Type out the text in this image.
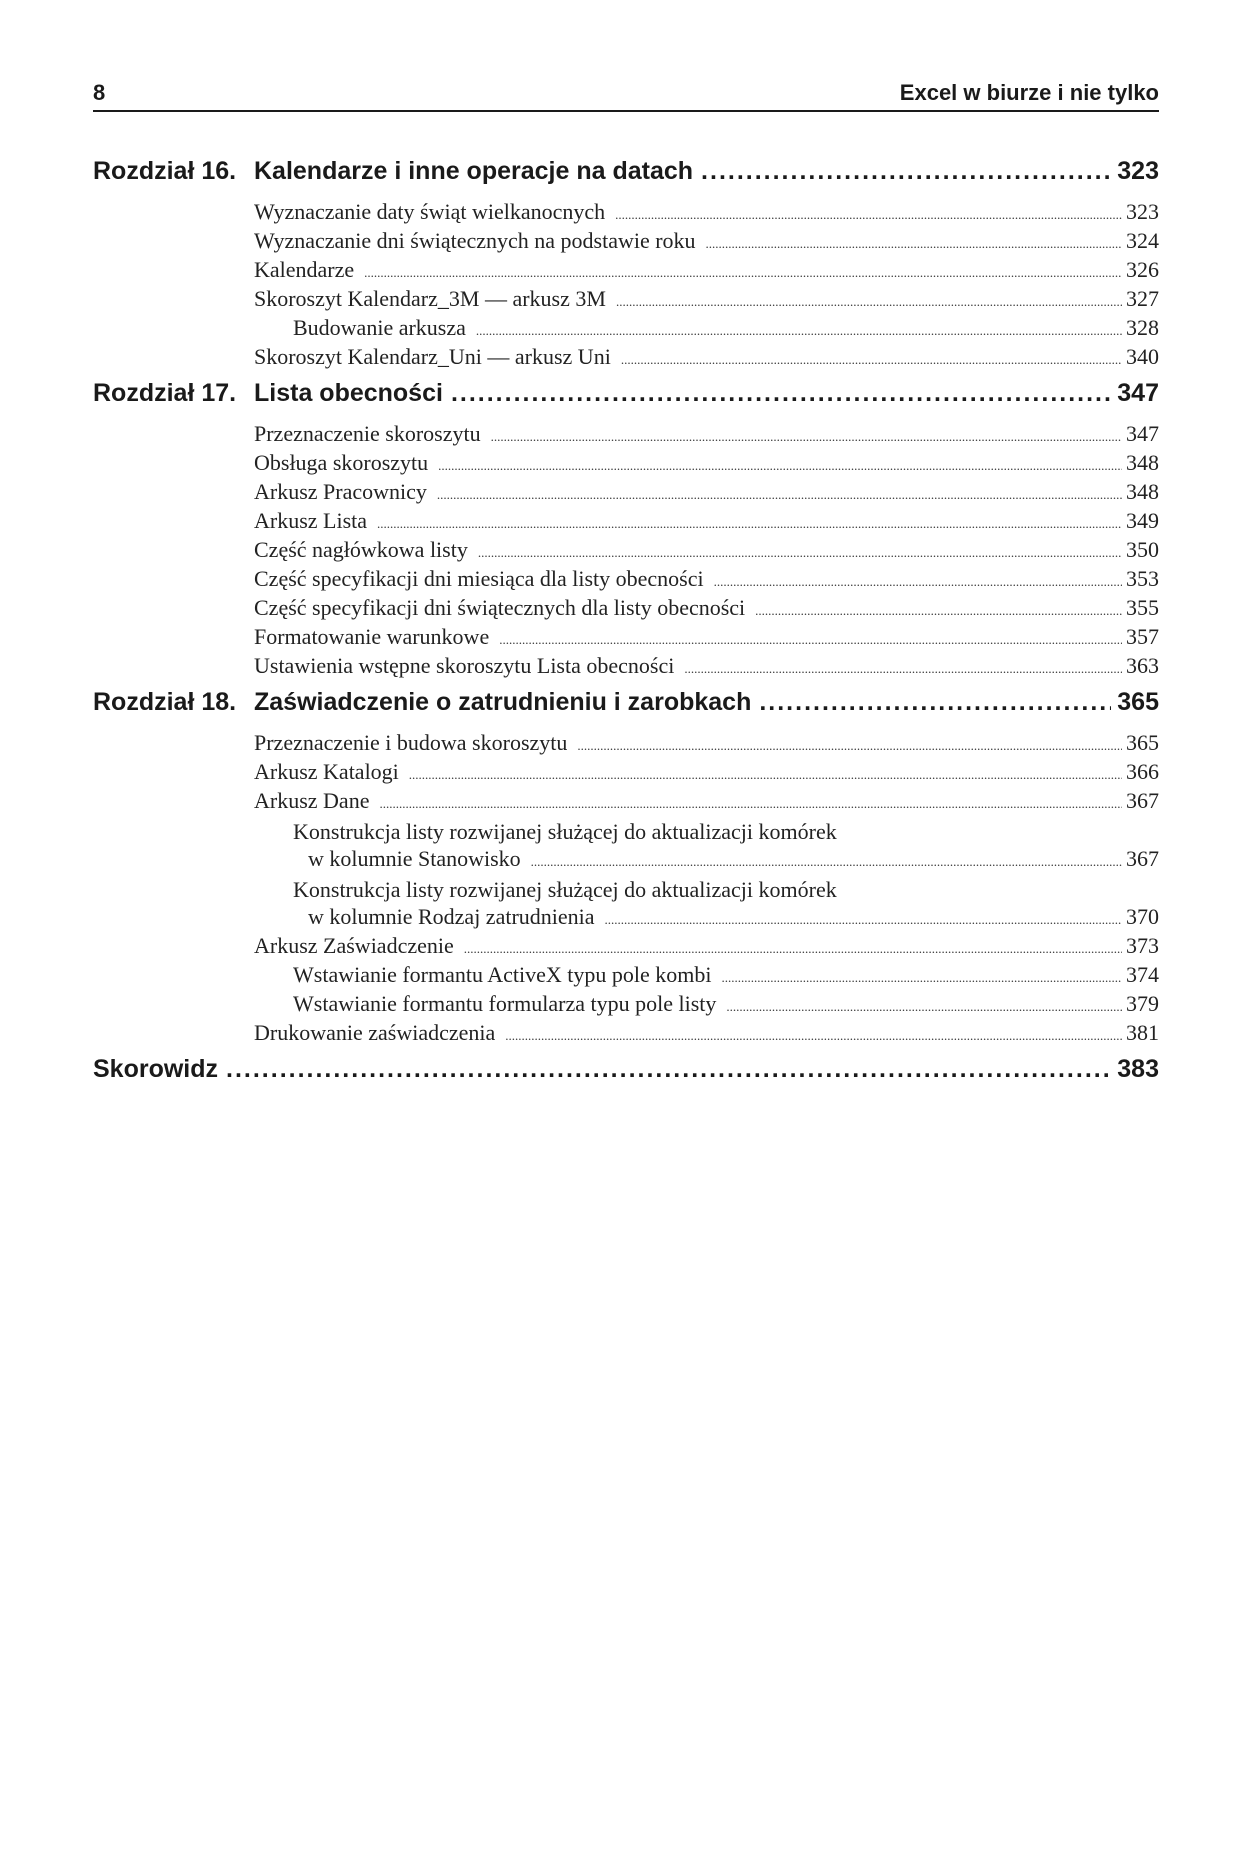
8	Excel w biurze i nie tylko
Rozdział 16. Kalendarze i inne operacje na datach .....	323
Wyznaczanie daty świąt wielkanocnych .....	323
Wyznaczanie dni świątecznych na podstawie roku .....	324
Kalendarze .....	326
Skoroszyt Kalendarz_3M — arkusz 3M .....	327
Budowanie arkusza .....	328
Skoroszyt Kalendarz_Uni — arkusz Uni .....	340
Rozdział 17. Lista obecności .....	347
Przeznaczenie skoroszytu .....	347
Obsługa skoroszytu .....	348
Arkusz Pracownicy .....	348
Arkusz Lista .....	349
Część nagłówkowa listy .....	350
Część specyfikacji dni miesiąca dla listy obecności .....	353
Część specyfikacji dni świątecznych dla listy obecności .....	355
Formatowanie warunkowe .....	357
Ustawienia wstępne skoroszytu Lista obecności .....	363
Rozdział 18. Zaświadczenie o zatrudnieniu i zarobkach .....	365
Przeznaczenie i budowa skoroszytu .....	365
Arkusz Katalogi .....	366
Arkusz Dane .....	367
Konstrukcja listy rozwijanej służącej do aktualizacji komórek
w kolumnie Stanowisko .....	367
Konstrukcja listy rozwijanej służącej do aktualizacji komórek
w kolumnie Rodzaj zatrudnienia .....	370
Arkusz Zaświadczenie .....	373
Wstawianie formantu ActiveX typu pole kombi .....	374
Wstawianie formantu formularza typu pole listy .....	379
Drukowanie zaświadczenia .....	381
Skorowidz .....	383
